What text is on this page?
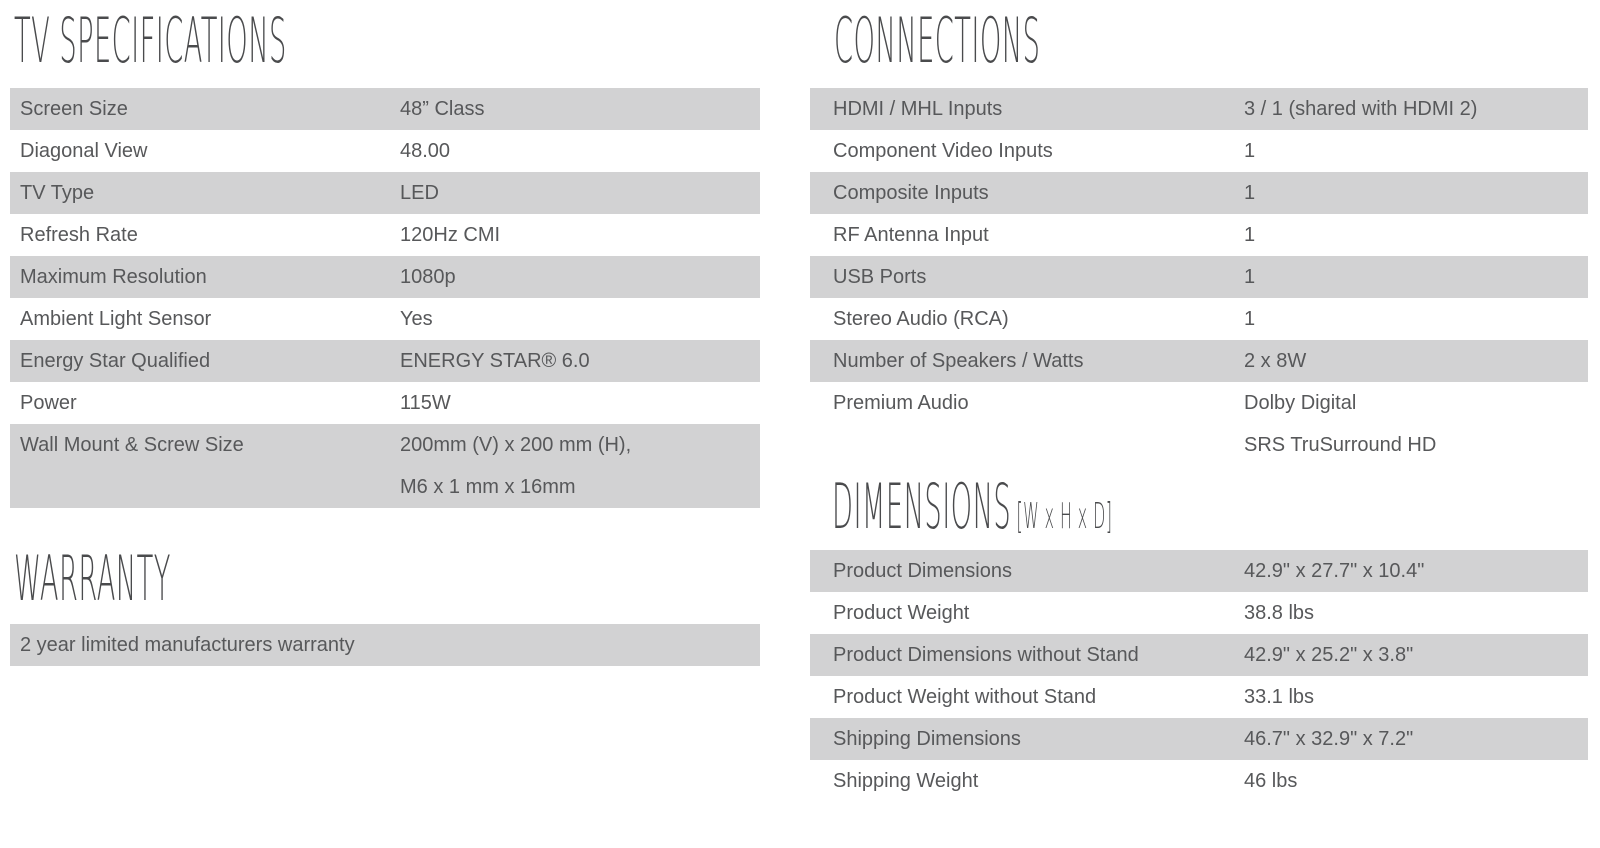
TV SPECIFICATIONS
Screen Size	48” Class
Diagonal View	48.00
TV Type	LED
Refresh Rate	120Hz CMI
Maximum Resolution	1080p
Ambient Light Sensor	Yes
Energy Star Qualified	ENERGY STAR® 6.0
Power	115W
Wall Mount & Screw Size	200mm (V) x 200 mm (H),
M6 x 1 mm x 16mm
WARRANTY
2 year limited manufacturers warranty
CONNECTIONS
HDMI / MHL Inputs	3 / 1 (shared with HDMI 2)
Component Video Inputs	1
Composite Inputs	1
RF Antenna Input	1
USB Ports	1
Stereo Audio (RCA)	1
Number of Speakers / Watts	2 x 8W
Premium Audio	Dolby Digital
SRS TruSurround HD
DIMENSIONS [W x H x D]
Product Dimensions	42.9" x 27.7" x 10.4"
Product Weight	38.8 lbs
Product Dimensions without Stand	42.9" x 25.2" x 3.8"
Product Weight without Stand	33.1 lbs
Shipping Dimensions	46.7" x 32.9" x 7.2"
Shipping Weight	46 lbs
